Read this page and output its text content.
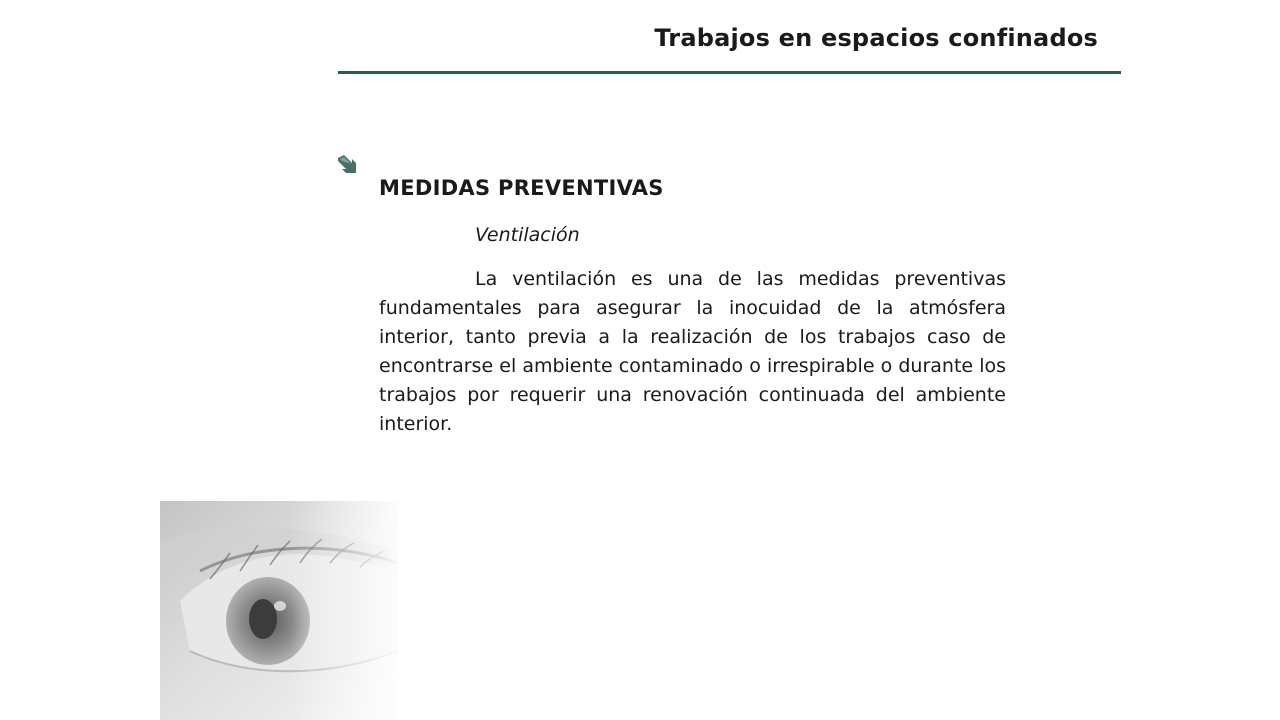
Trabajos en espacios confinados
MEDIDAS PREVENTIVAS

Ventilación

La ventilación es una de las medidas preventivas fundamentales para asegurar la inocuidad de la atmósfera interior, tanto previa a la realización de los trabajos caso de encontrarse el ambiente contaminado o irrespirable o durante los trabajos por requerir una renovación continuada del ambiente interior.
